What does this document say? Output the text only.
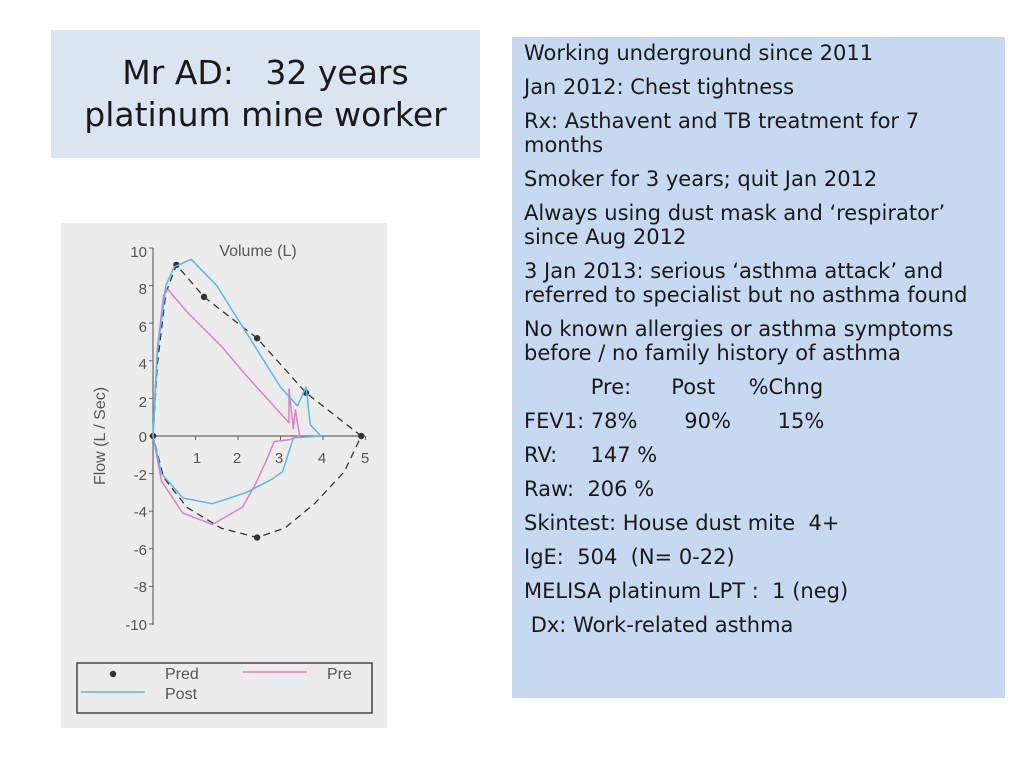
Mr AD:   32 years
platinum mine worker
Working underground since 2011
Jan 2012: Chest tightness
Rx: Asthavent and TB treatment for 7 months
Smoker for 3 years; quit Jan 2012
Always using dust mask and ‘respirator’ since Aug 2012
3 Jan 2013: serious ‘asthma attack’ and referred to specialist but no asthma found
No known allergies or asthma symptoms before / no family history of asthma
Pre:      Post     %Chng
FEV1: 78%       90%       15%
RV:     147 %
Raw:  206 %
Skintest: House dust mite  4+
IgE:  504  (N= 0-22)
MELISA platinum LPT :  1 (neg)
Dx: Work-related asthma
10
8
6
4
2
0
-2
-4
-6
-8
-10
1 2 3 4 5
Volume (L)
Flow (L / Sec)
Pred	Pre
Post
